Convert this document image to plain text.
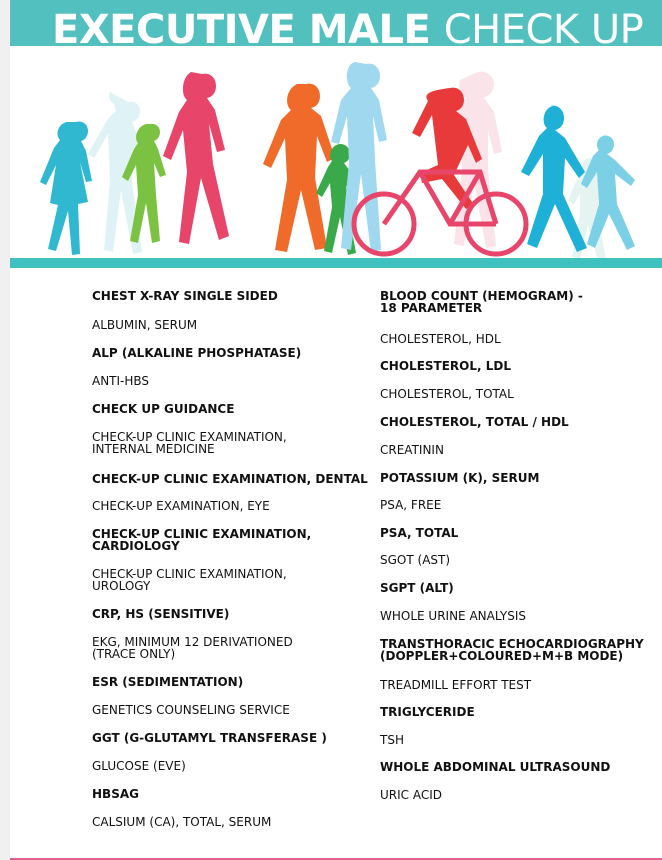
EXECUTIVE MALE CHECK UP

CHEST X-RAY SINGLE SIDED

ALBUMIN, SERUM

ALP (ALKALINE PHOSPHATASE)

ANTI-HBS

CHECK UP GUIDANCE

CHECK-UP CLINIC EXAMINATION,
INTERNAL MEDICINE

CHECK-UP CLINIC EXAMINATION, DENTAL

CHECK-UP EXAMINATION, EYE

CHECK-UP CLINIC EXAMINATION,
CARDIOLOGY

CHECK-UP CLINIC EXAMINATION,
UROLOGY

CRP, HS (SENSITIVE)

EKG, MINIMUM 12 DERIVATIONED
(TRACE ONLY)

ESR (SEDIMENTATION)

GENETICS COUNSELING SERVICE

GGT (G-GLUTAMYL TRANSFERASE )

GLUCOSE (EVE)

HBSAG

CALSIUM (CA), TOTAL, SERUM

BLOOD COUNT (HEMOGRAM) -
18 PARAMETER

CHOLESTEROL, HDL

CHOLESTEROL, LDL

CHOLESTEROL, TOTAL

CHOLESTEROL, TOTAL / HDL

CREATININ

POTASSIUM (K), SERUM

PSA, FREE

PSA, TOTAL

SGOT (AST)

SGPT (ALT)

WHOLE URINE ANALYSIS

TRANSTHORACIC ECHOCARDIOGRAPHY
(DOPPLER+COLOURED+M+B MODE)

TREADMILL EFFORT TEST

TRIGLYCERIDE

TSH

WHOLE ABDOMINAL ULTRASOUND

URIC ACID
